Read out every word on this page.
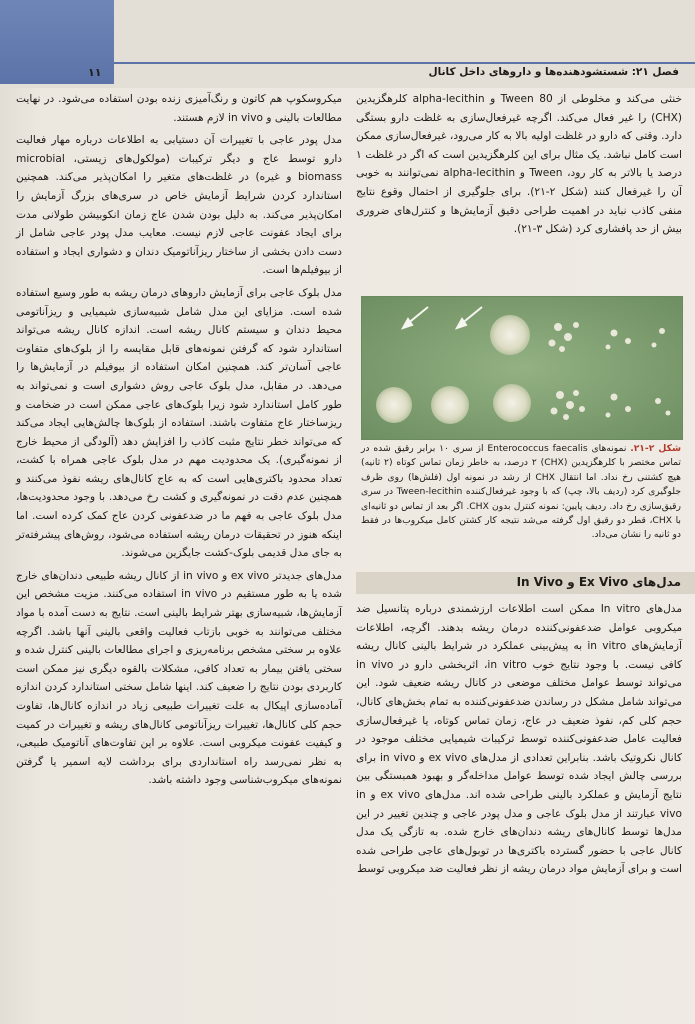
فصل ۲۱: شستشودهنده‌ها و داروهای داخل کانال
۱۱

میکروسکوپ هم کاتون و رنگ‌آمیزی زنده بودن استفاده می‌شود. در نهایت مطالعات بالینی و in vivo لازم هستند.

مدل پودر عاجی با تغییرات آن دستیابی به اطلاعات درباره مهار فعالیت دارو توسط عاج و دیگر ترکیبات (مولکول‌های زیستی، microbial biomass و غیره) در غلظت‌های متغیر را امکان‌پذیر می‌کند. همچنین استاندارد کردن شرایط آزمایش خاص در سری‌های بزرگ آزمایش را امکان‌پذیر می‌کند. به دلیل بودن شدن عاج زمان انکوبیشن طولانی مدت برای ایجاد عفونت عاجی لازم نیست. معایب مدل پودر عاجی شامل از دست دادن بخشی از ساختار ریزآناتومیک دندان و دشواری ایجاد و استفاده از بیوفیلم‌ها است.

مدل بلوک عاجی برای آزمایش داروهای درمان ریشه به طور وسیع استفاده شده است. مزایای این مدل شامل شبیه‌سازی شیمیایی و ریزآناتومی محیط دندان و سیستم کانال ریشه است. اندازه کانال ریشه می‌تواند استاندارد شود که گرفتن نمونه‌های قابل مقایسه را از بلوک‌های متفاوت عاجی آسان‌تر کند. همچنین امکان استفاده از بیوفیلم در آزمایش‌ها را می‌دهد. در مقابل، مدل بلوک عاجی روش دشواری است و نمی‌تواند به طور کامل استاندارد شود زیرا بلوک‌های عاجی ممکن است در ضخامت و ریزساختار عاج متفاوت باشند. استفاده از بلوک‌ها چالش‌هایی ایجاد می‌کند که می‌تواند خطر نتایج مثبت کاذب را افزایش دهد (آلودگی از محیط خارج از نمونه‌گیری). یک محدودیت مهم در مدل بلوک عاجی همراه با کشت، تعداد محدود باکتری‌هایی است که به عاج کانال‌های ریشه نفوذ می‌کنند و همچنین عدم دقت در نمونه‌گیری و کشت رخ می‌دهد. با وجود محدودیت‌ها، مدل بلوک عاجی به فهم ما در ضدعفونی کردن عاج کمک کرده است. اما اینکه هنوز در تحقیقات درمان ریشه استفاده می‌شود، روش‌های پیشرفته‌تر به جای مدل قدیمی بلوک-کشت جایگزین می‌شوند.

مدل‌های جدیدتر ex vivo و in vivo از کانال ریشه طبیعی دندان‌های خارج شده یا به طور مستقیم در in vivo استفاده می‌کنند. مزیت مشخص این آزمایش‌ها، شبیه‌سازی بهتر شرایط بالینی است. نتایج به دست آمده با مواد مختلف می‌توانند به خوبی بازتاب فعالیت واقعی بالینی آنها باشد. اگرچه علاوه بر سختی مشخص برنامه‌ریزی و اجرای مطالعات بالینی کنترل شده و سختی یافتن بیمار به تعداد کافی، مشکلات بالقوه دیگری نیز ممکن است کاربردی بودن نتایج را ضعیف کند. اینها شامل سختی استاندارد کردن اندازه آماده‌سازی اپیکال به علت تغییرات طبیعی زیاد در اندازه کانال‌ها، تفاوت حجم کلی کانال‌ها، تغییرات ریزآناتومی کانال‌های ریشه و تغییرات در کمیت و کیفیت عفونت میکروبی است. علاوه بر این تفاوت‌های آناتومیک طبیعی، به نظر نمی‌رسد راه استانداردی برای برداشت لایه اسمیر یا گرفتن نمونه‌های میکروب‌شناسی وجود داشته باشد.

خنثی می‌کند و مخلوطی از Tween 80 و alpha-lecithin کلرهگزیدین (CHX) را غیر فعال می‌کند. اگرچه غیرفعال‌سازی به غلظت دارو بستگی دارد. وقتی که دارو در غلظت اولیه بالا به کار می‌رود، غیرفعال‌سازی ممکن است کامل نباشد. یک مثال برای این کلرهگزیدین است که اگر در غلظت ۱ درصد یا بالاتر به کار رود، Tween و alpha-lecithin نمی‌توانند به خوبی آن را غیرفعال کنند (شکل ۲-۲۱). برای جلوگیری از احتمال وقوع نتایج منفی کاذب نباید در اهمیت طراحی دقیق آزمایش‌ها و کنترل‌های ضروری بیش از حد پافشاری کرد (شکل ۳-۲۱).

شکل ۲-۲۱. نمونه‌های Enterococcus faecalis از سری ۱۰ برابر رقیق شده در تماس مختصر با کلرهگزیدین (CHX) ۲ درصد، به خاطر زمان تماس کوتاه (۲ ثانیه) هیچ کشتنی رخ نداد. اما انتقال CHX از رشد در نمونه اول (فلش‌ها) روی ظرف جلوگیری کرد (ردیف بالا، چپ) که با وجود غیرفعال‌کننده Tween-lecithin در سری رقیق‌سازی رخ داد. ردیف پایین: نمونه کنترل بدون CHX. اگر بعد از تماس دو ثانیه‌ای با CHX، قطر دو رقیق اول گرفته می‌شد نتیجه کار کشتن کامل میکروب‌ها در فقط دو ثانیه را نشان می‌داد.
مدل‌های Ex Vivo و In Vivo

مدل‌های In vitro ممکن است اطلاعات ارزشمندی درباره پتانسیل ضد میکروبی عوامل ضدعفونی‌کننده درمان ریشه بدهند. اگرچه، اطلاعات آزمایش‌های in vitro به پیش‌بینی عملکرد در شرایط بالینی کانال ریشه کافی نیست. با وجود نتایج خوب in vitro، اثربخشی دارو در in vivo می‌تواند توسط عوامل مختلف موضعی در کانال ریشه ضعیف شود. این می‌تواند شامل مشکل در رساندن ضدعفونی‌کننده به تمام بخش‌های کانال، حجم کلی کم، نفوذ ضعیف در عاج، زمان تماس کوتاه، یا غیرفعال‌سازی فعالیت عامل ضدعفونی‌کننده توسط ترکیبات شیمیایی مختلف موجود در کانال نکروتیک باشد. بنابراین تعدادی از مدل‌های ex vivo و in vivo برای بررسی چالش ایجاد شده توسط عوامل مداخله‌گر و بهبود همبستگی بین نتایج آزمایش و عملکرد بالینی طراحی شده اند. مدل‌های ex vivo و in vivo عبارتند از مدل بلوک عاجی و مدل پودر عاجی و چندین تغییر در این مدل‌ها توسط کانال‌های ریشه دندان‌های خارج شده. به تازگی یک مدل کانال عاجی با حضور گسترده باکتری‌ها در توبول‌های عاجی طراحی شده است و برای آزمایش مواد درمان ریشه از نظر فعالیت ضد میکروبی توسط
